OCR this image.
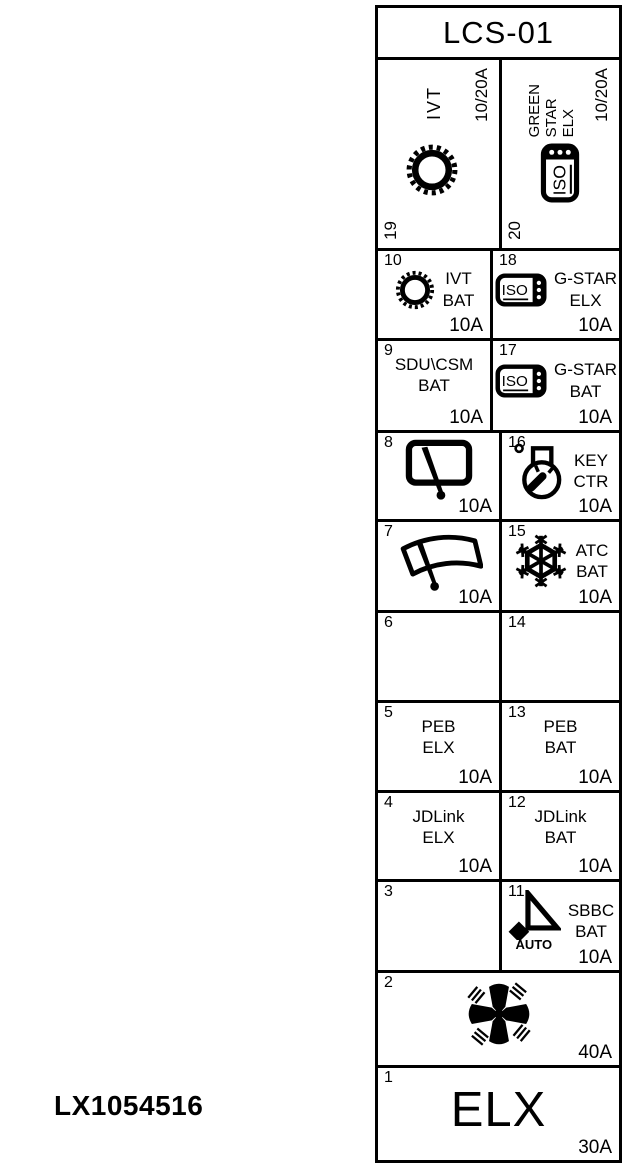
LX1054516
LCS-01
19
IVT 10/20A
20
GREEN STAR ELX
10/20A
ISO
10
IVT
BAT
10A
18
ISO
G-STAR
ELX
10A
9
SDU\CSM
BAT
10A
17
ISO
G-STAR
BAT
10A
8
10A
16
KEY
CTR
10A
7
10A
15
ATC
BAT
10A
6	14
5
PEB
ELX
10A
13
PEB
BAT
10A
4
JDLink
ELX
10A
12
JDLink
BAT
10A
3	11
AUTO
SBBC
BAT
10A
2
40A
1
ELX
30A
